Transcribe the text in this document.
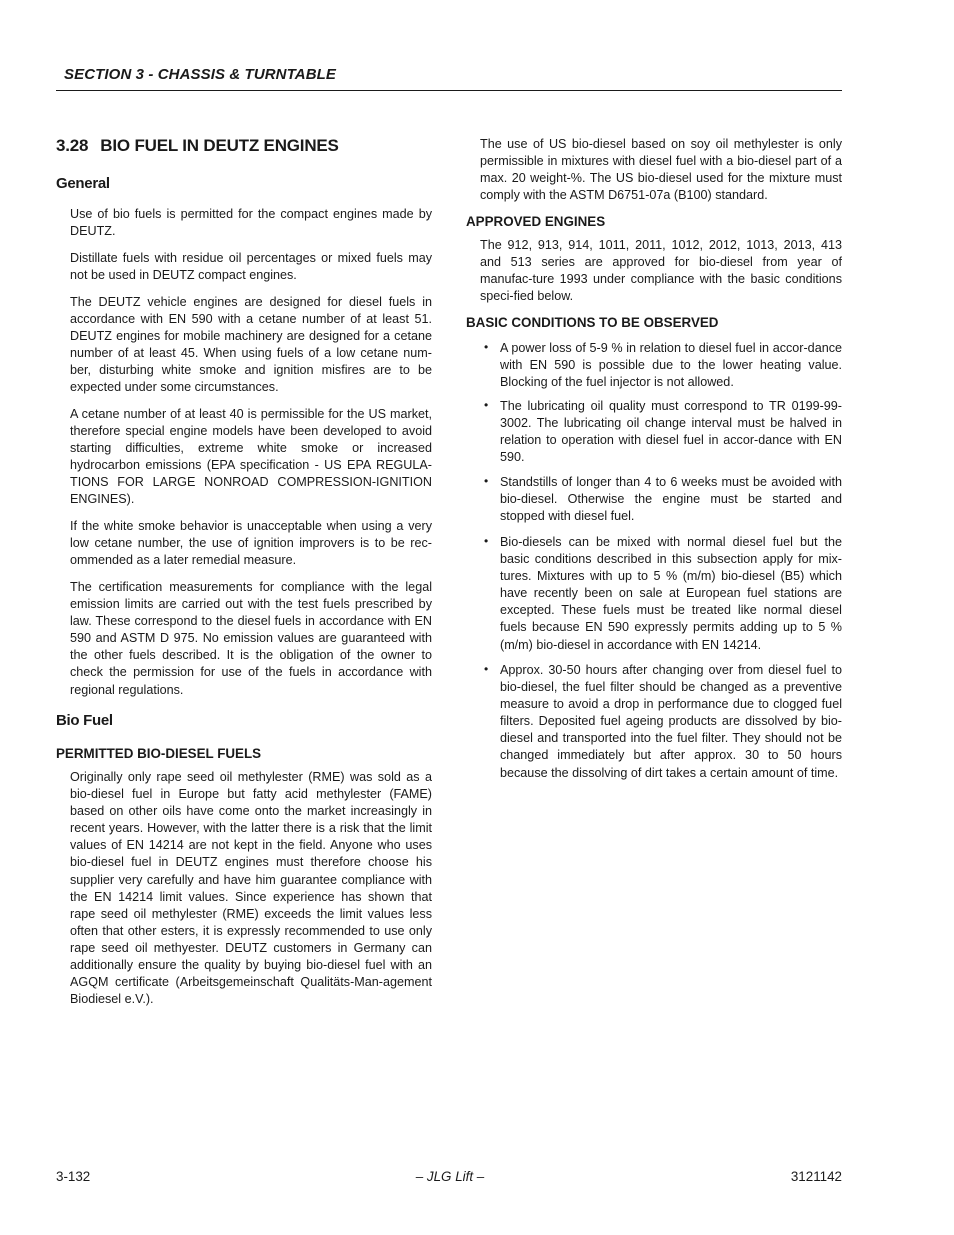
SECTION 3 - CHASSIS & TURNTABLE
3.28 BIO FUEL IN DEUTZ ENGINES
General

Use of bio fuels is permitted for the compact engines made by DEUTZ.

Distillate fuels with residue oil percentages or mixed fuels may not be used in DEUTZ compact engines.

The DEUTZ vehicle engines are designed for diesel fuels in accordance with EN 590 with a cetane number of at least 51. DEUTZ engines for mobile machinery are designed for a cetane number of at least 45. When using fuels of a low cetane num-ber, disturbing white smoke and ignition misfires are to be expected under some circumstances.

A cetane number of at least 40 is permissible for the US market, therefore special engine models have been developed to avoid starting difficulties, extreme white smoke or increased hydrocarbon emissions (EPA specification - US EPA REGULA-TIONS FOR LARGE NONROAD COMPRESSION-IGNITION ENGINES).

If the white smoke behavior is unacceptable when using a very low cetane number, the use of ignition improvers is to be rec-ommended as a later remedial measure.

The certification measurements for compliance with the legal emission limits are carried out with the test fuels prescribed by law. These correspond to the diesel fuels in accordance with EN 590 and ASTM D 975. No emission values are guaranteed with the other fuels described. It is the obligation of the owner to check the permission for use of the fuels in accordance with regional regulations.

Bio Fuel
PERMITTED BIO-DIESEL FUELS

Originally only rape seed oil methylester (RME) was sold as a bio-diesel fuel in Europe but fatty acid methylester (FAME) based on other oils have come onto the market increasingly in recent years. However, with the latter there is a risk that the limit values of EN 14214 are not kept in the field. Anyone who uses bio-diesel fuel in DEUTZ engines must therefore choose his supplier very carefully and have him guarantee compliance with the EN 14214 limit values. Since experience has shown that rape seed oil methylester (RME) exceeds the limit values less often that other esters, it is expressly recommended to use only rape seed oil methyester. DEUTZ customers in Germany can additionally ensure the quality by buying bio-diesel fuel with an AGQM certificate (Arbeitsgemeinschaft Qualitäts-Man-agement Biodiesel e.V.).

The use of US bio-diesel based on soy oil methylester is only permissible in mixtures with diesel fuel with a bio-diesel part of a max. 20 weight-%. The US bio-diesel used for the mixture must comply with the ASTM D6751-07a (B100) standard.

APPROVED ENGINES

The 912, 913, 914, 1011, 2011, 1012, 2012, 1013, 2013, 413 and 513 series are approved for bio-diesel from year of manufac-ture 1993 under compliance with the basic conditions speci-fied below.

BASIC CONDITIONS TO BE OBSERVED
• A power loss of 5-9 % in relation to diesel fuel in accor-dance with EN 590 is possible due to the lower heating value. Blocking of the fuel injector is not allowed.

• The lubricating oil quality must correspond to TR 0199-99-3002. The lubricating oil change interval must be halved in relation to operation with diesel fuel in accor-dance with EN 590.

• Standstills of longer than 4 to 6 weeks must be avoided with bio-diesel. Otherwise the engine must be started and stopped with diesel fuel.

• Bio-diesels can be mixed with normal diesel fuel but the basic conditions described in this subsection apply for mix-tures. Mixtures with up to 5 % (m/m) bio-diesel (B5) which have recently been on sale at European fuel stations are excepted. These fuels must be treated like normal diesel fuels because EN 590 expressly permits adding up to 5 % (m/m) bio-diesel in accordance with EN 14214.

• Approx. 30-50 hours after changing over from diesel fuel to bio-diesel, the fuel filter should be changed as a preventive measure to avoid a drop in performance due to clogged fuel filters. Deposited fuel ageing products are dissolved by bio-diesel and transported into the fuel filter. They should not be changed immediately but after approx. 30 to 50 hours because the dissolving of dirt takes a certain amount of time.

3-132	– JLG Lift –	3121142
